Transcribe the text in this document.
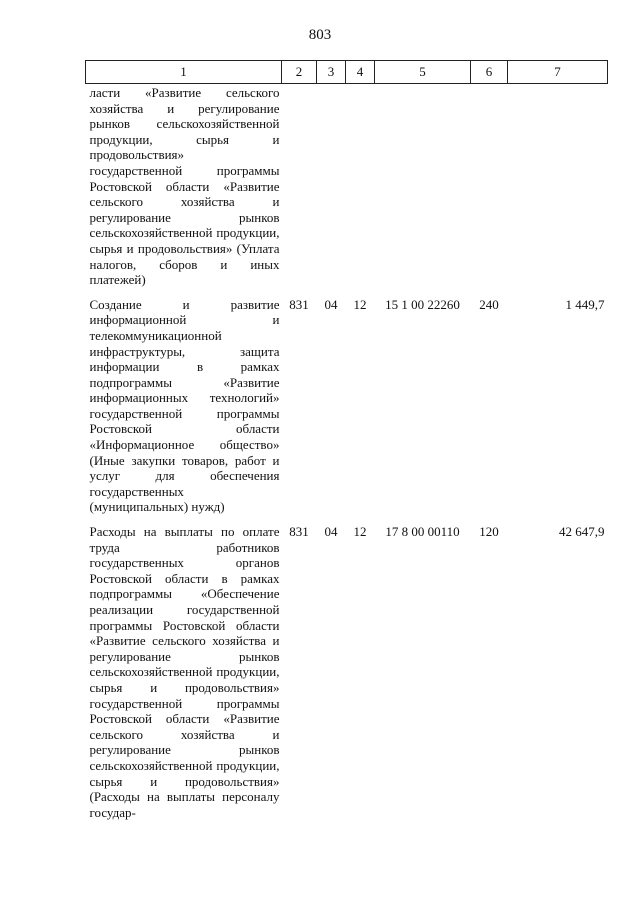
803
1	2	3	4	5	6	7
ласти «Развитие сельского хозяйства и регулирование рынков сельскохозяйственной продукции, сырья и продовольствия» государственной программы Ростовской области «Развитие сельского хозяйства и регулирование рынков сельскохозяйственной продукции, сырья и продовольствия» (Уплата налогов, сборов и иных платежей)						
Создание и развитие информационной и телекоммуникационной инфраструктуры, защита информации в рамках подпрограммы «Развитие информационных технологий» государственной программы Ростовской области «Информационное общество» (Иные закупки товаров, работ и услуг для обеспечения государственных (муниципальных) нужд)	831	04	12	15 1 00 22260	240	1 449,7
Расходы на выплаты по оплате труда работников государственных органов Ростовской области в рамках подпрограммы «Обеспечение реализации государственной программы Ростовской области «Развитие сельского хозяйства и регулирование рынков сельскохозяйственной продукции, сырья и продовольствия» государственной программы Ростовской области «Развитие сельского хозяйства и регулирование рынков сельскохозяйственной продукции, сырья и продовольствия» (Расходы на выплаты персоналу государ-	831	04	12	17 8 00 00110	120	42 647,9
